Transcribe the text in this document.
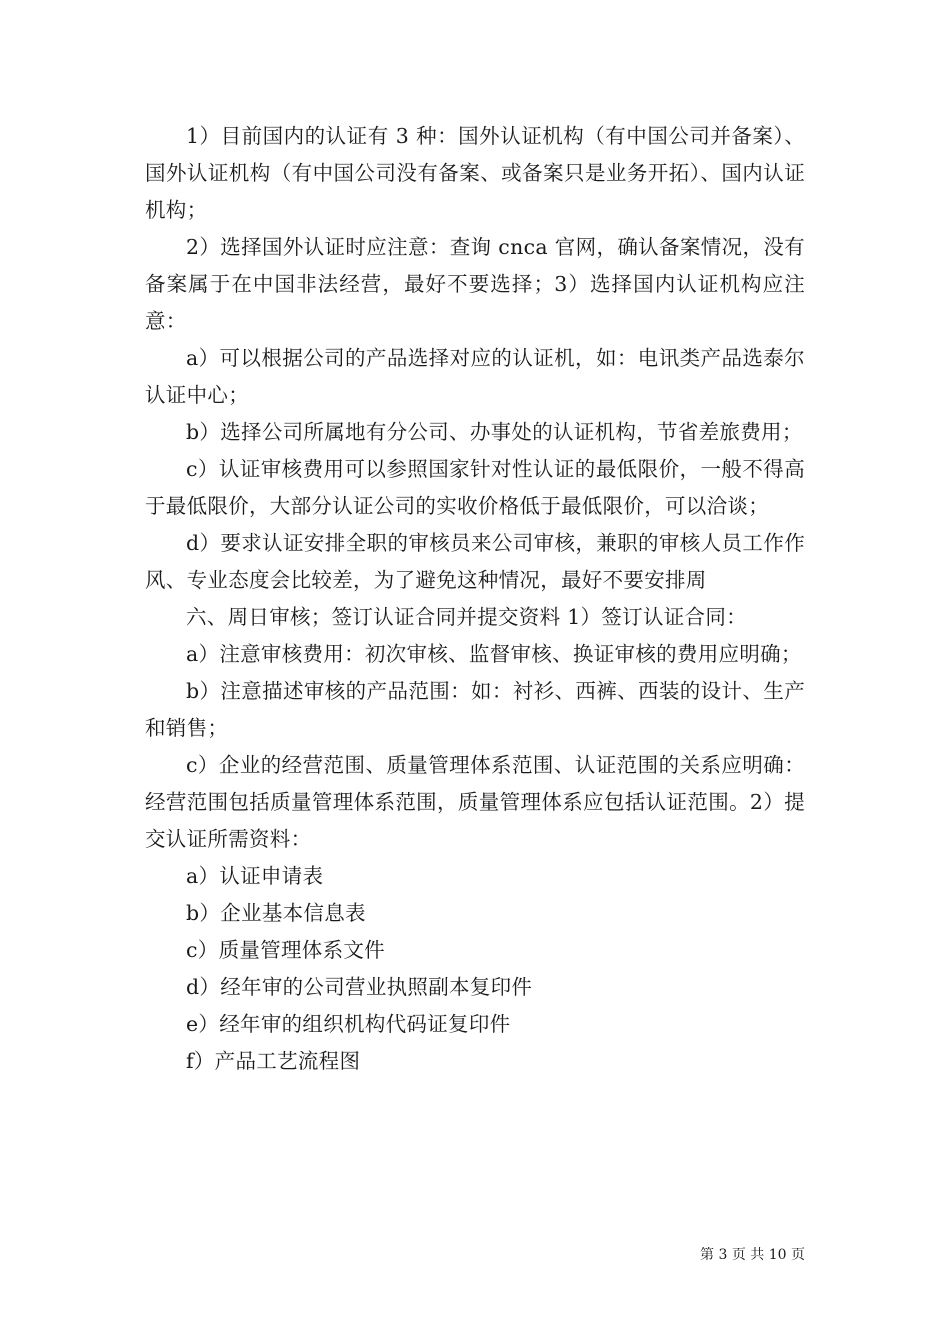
1）目前国内的认证有 3 种：国外认证机构（有中国公司并备案）、国外认证机构（有中国公司没有备案、或备案只是业务开拓）、国内认证机构；

2）选择国外认证时应注意：查询 cnca 官网，确认备案情况，没有备案属于在中国非法经营，最好不要选择；3）选择国内认证机构应注意：

a）可以根据公司的产品选择对应的认证机，如：电讯类产品选泰尔认证中心；

b）选择公司所属地有分公司、办事处的认证机构，节省差旅费用；

c）认证审核费用可以参照国家针对性认证的最低限价，一般不得高于最低限价，大部分认证公司的实收价格低于最低限价，可以洽谈；

d）要求认证安排全职的审核员来公司审核，兼职的审核人员工作作风、专业态度会比较差，为了避免这种情况，最好不要安排周

六、周日审核；签订认证合同并提交资料 1）签订认证合同：

a）注意审核费用：初次审核、监督审核、换证审核的费用应明确；

b）注意描述审核的产品范围：如：衬衫、西裤、西装的设计、生产和销售；

c）企业的经营范围、质量管理体系范围、认证范围的关系应明确：经营范围包括质量管理体系范围，质量管理体系应包括认证范围。2）提交认证所需资料：

a）认证申请表

b）企业基本信息表

c）质量管理体系文件

d）经年审的公司营业执照副本复印件

e）经年审的组织机构代码证复印件

f）产品工艺流程图

第 3 页 共 10 页
